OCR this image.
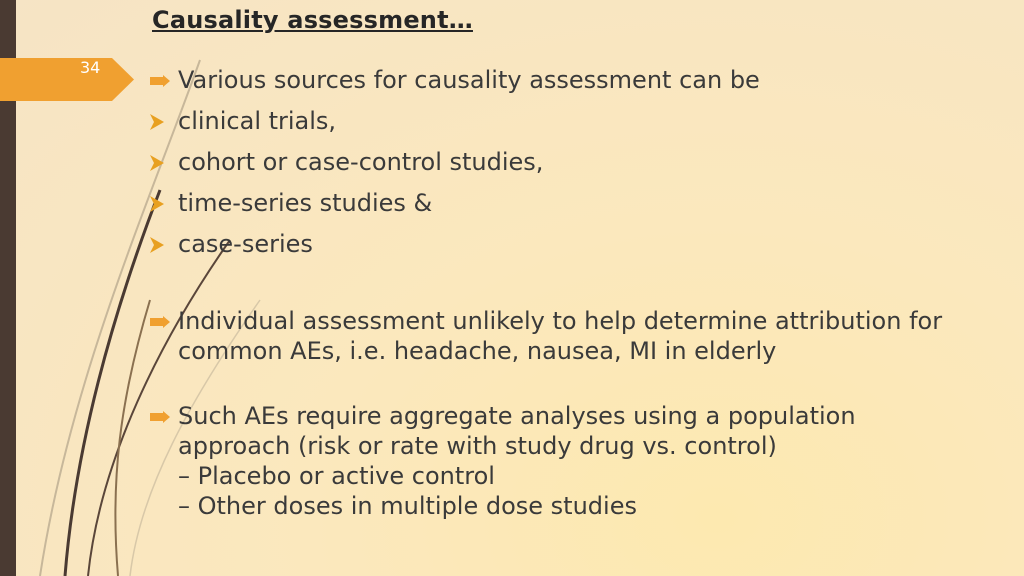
Causality assessment…
34	Various sources for causality assessment can be
clinical trials,
cohort or case-control studies,
time-series studies &
case-series
Individual assessment unlikely to help determine attribution for
common AEs, i.e. headache, nausea, MI in elderly
Such AEs require aggregate analyses using a population
approach (risk or rate with study drug vs. control)
– Placebo or active control
– Other doses in multiple dose studies
